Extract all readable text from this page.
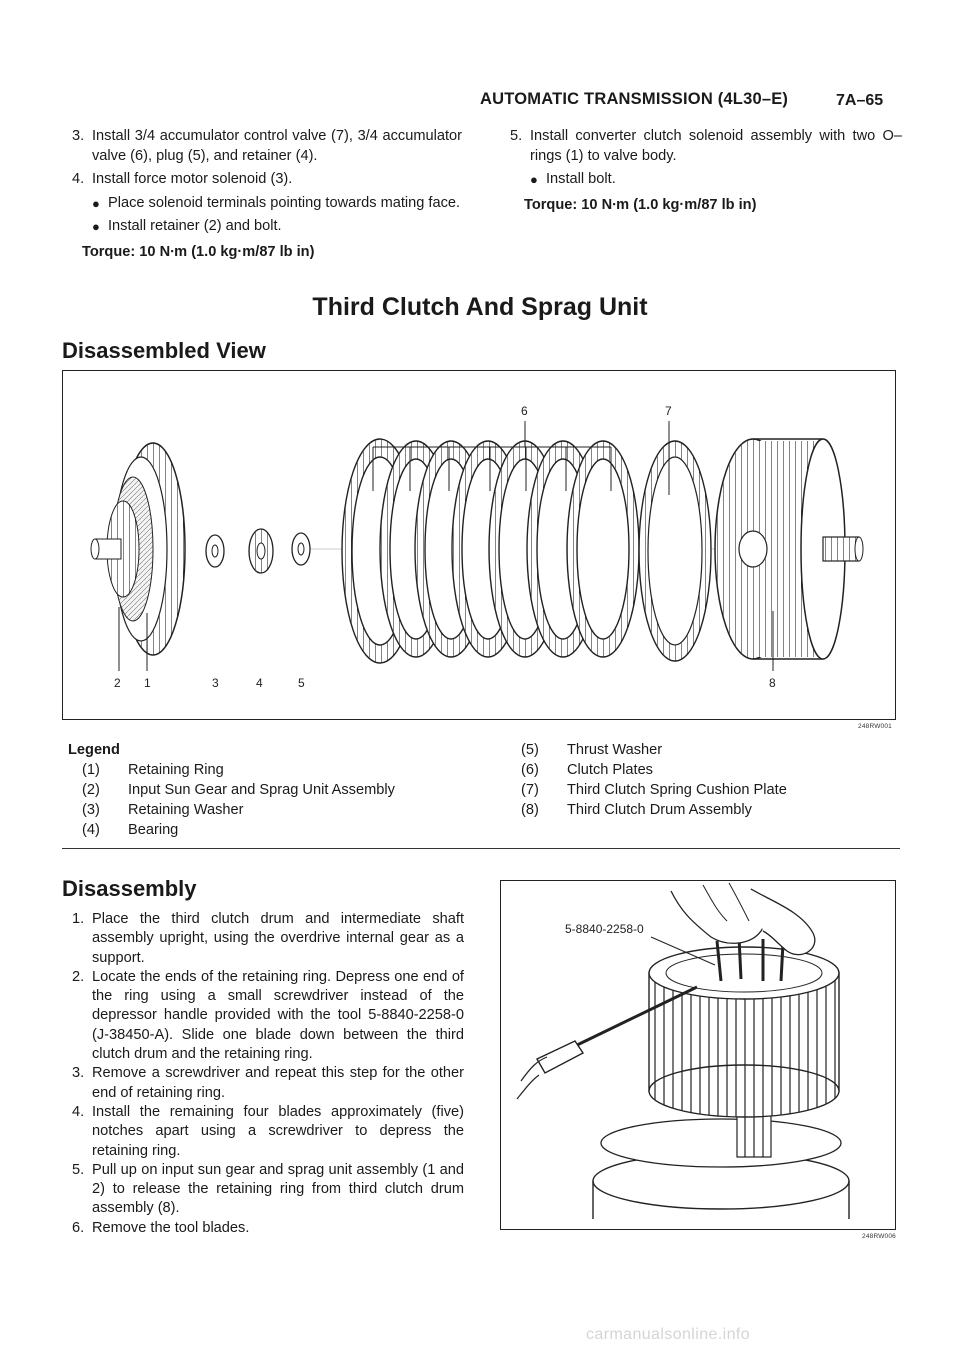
AUTOMATIC TRANSMISSION (4L30–E)	7A–65
3. Install 3/4 accumulator control valve (7), 3/4 accumulator valve (6), plug (5), and retainer (4).
4. Install force motor solenoid (3).
● Place solenoid terminals pointing towards mating face.
● Install retainer (2) and bolt.
Torque: 10 N∙m (1.0 kg·m/87 lb in)
5. Install converter clutch solenoid assembly with two O–rings (1) to valve body.
● Install bolt.
Torque: 10 N∙m (1.0 kg·m/87 lb in)
Third Clutch And Sprag Unit
Disassembled View
2 1	3	4	5
6	7
8
248RW001
Legend
(1)	Retaining Ring
(2)	Input Sun Gear and Sprag Unit Assembly
(3)	Retaining Washer
(4)	Bearing
(5)	Thrust Washer
(6)	Clutch Plates
(7)	Third Clutch Spring Cushion Plate
(8)	Third Clutch Drum Assembly
Disassembly
1. Place the third clutch drum and intermediate shaft assembly upright, using the overdrive internal gear as a support.
2. Locate the ends of the retaining ring. Depress one end of the ring using a small screwdriver instead of the depressor handle provided with the tool 5-8840-2258-0 (J-38450-A). Slide one blade down between the third clutch drum and the retaining ring.
3. Remove a screwdriver and repeat this step for the other end of retaining ring.
4. Install the remaining four blades approximately (five) notches apart using a screwdriver to depress the retaining ring.
5. Pull up on input sun gear and sprag unit assembly (1 and 2) to release the retaining ring from third clutch drum assembly (8).
6. Remove the tool blades.
5-8840-2258-0
248RW006
carmanualsonline.info
